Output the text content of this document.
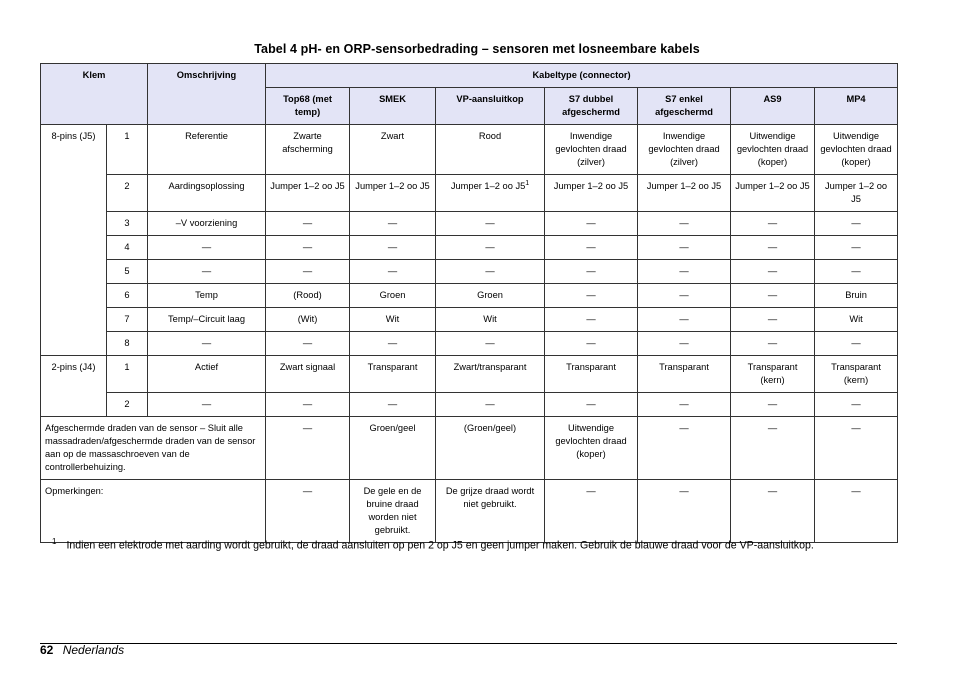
Tabel 4 pH- en ORP-sensorbedrading – sensoren met losneembare kabels
Klem		Omschrijving	Kabeltype (connector)						
			Top68 (met temp)	SMEK	VP-aansluitkop	S7 dubbel afgeschermd	S7 enkel afgeschermd	AS9	MP4
8-pins (J5)	1	Referentie	Zwarte afscherming	Zwart	Rood	Inwendige gevlochten draad (zilver)	Inwendige gevlochten draad (zilver)	Uitwendige gevlochten draad (koper)	Uitwendige gevlochten draad (koper)
	2	Aardingsoplossing	Jumper 1–2 oo J5	Jumper 1–2 oo J5	Jumper 1–2 oo $J5^1$	Jumper 1–2 oo J5	Jumper 1–2 oo J5	Jumper 1–2 oo J5	Jumper 1–2 oo J5
	3	–V voorziening	—	—	—	—	—	—	—
	4	—	—	—	—	—	—	—	—
	5	—	—	—	—	—	—	—	—
	6	Temp	(Rood)	Groen	Groen	—	—	—	Bruin
	7	Temp/–Circuit laag	(Wit)	Wit	Wit	—	—	—	Wit
	8	—	—	—	—	—	—	—	—
2-pins (J4)	1	Actief	Zwart signaal	Transparant	Zwart/transparant	Transparant	Transparant	Transparant (kern)	Transparant (kern)
	2	—	—	—	—	—	—	—	—
Afgeschermde draden van de sensor – Sluit alle massadraden/afgeschermde draden van de sensor aan op de massaschroeven van de controllerbehuizing.			—	Groen/geel	(Groen/geel)	Uitwendige gevlochten draad (koper)	—	—	—
Opmerkingen:			—	De gele en de bruine draad worden niet gebruikt.	De grijze draad wordt niet gebruikt.	—	—	—	—
$^1$ Indien een elektrode met aarding wordt gebruikt, de draad aansluiten op pen 2 op J5 en geen jumper maken. Gebruik de blauwe draad voor de VP-aansluitkop.
62 Nederlands
